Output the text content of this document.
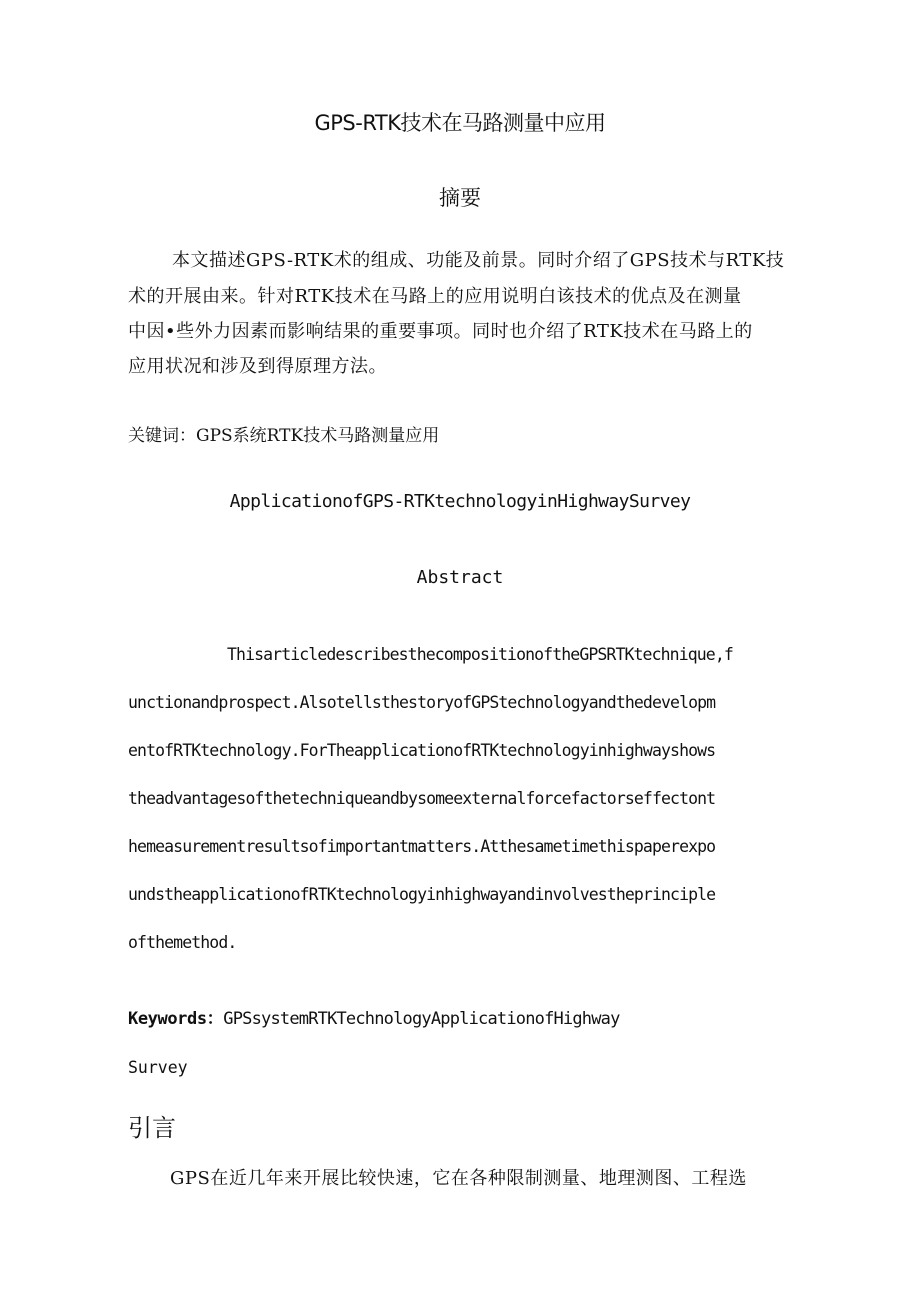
GPS-RTK技术在马路测量中应用
摘要

本文描述GPS-RTK术的组成、功能及前景。同时介绍了GPS技术与RTK技

术的开展由来。针对RTK技术在马路上的应用说明白该技术的优点及在测量

中因•些外力因素而影响结果的重要事项。同时也介绍了RTK技术在马路上的

应用状况和涉及到得原理方法。

关键词：GPS系统RTK技术马路测量应用

ApplicationofGPS-RTKtechnologyinHighwaySurvey
Abstract

ThisarticledescribesthecompositionoftheGPSRTKtechnique,f

unctionandprospect.AlsotellsthestoryofGPStechnologyandthedevelopm

entofRTKtechnology.ForTheapplicationofRTKtechnologyinhighwayshows

theadvantagesofthetechniqueandbysomeexternalforcefactorseffectont

hemeasurementresultsofimportantmatters.Atthesametimethispaperexpo

undstheapplicationofRTKtechnologyinhighwayandinvolvestheprinciple

ofthemethod.

Keywords：GPSsystemRTKTechnologyApplicationofHighway

Survey

引言

GPS在近几年来开展比较快速，它在各种限制测量、地理测图、工程选
